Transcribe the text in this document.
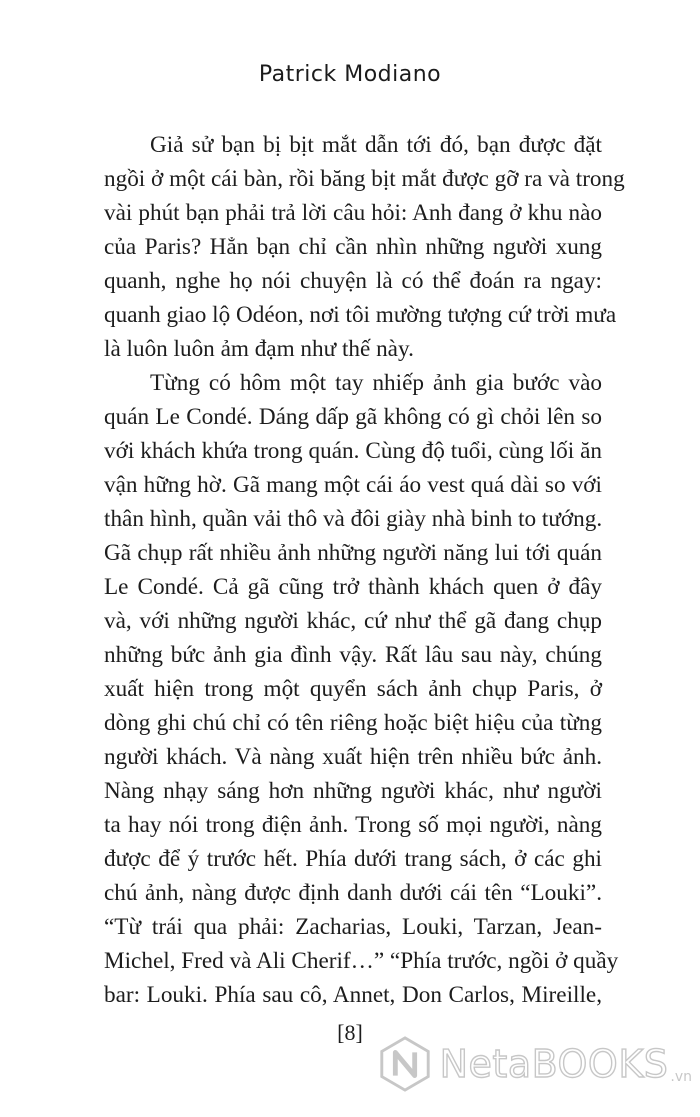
Patrick Modiano
Giả sử bạn bị bịt mắt dẫn tới đó, bạn được đặt
ngồi ở một cái bàn, rồi băng bịt mắt được gỡ ra và trong
vài phút bạn phải trả lời câu hỏi: Anh đang ở khu nào
của Paris? Hẳn bạn chỉ cần nhìn những người xung
quanh, nghe họ nói chuyện là có thể đoán ra ngay:
quanh giao lộ Odéon, nơi tôi mường tượng cứ trời mưa
là luôn luôn ảm đạm như thế này.
Từng có hôm một tay nhiếp ảnh gia bước vào
quán Le Condé. Dáng dấp gã không có gì chỏi lên so
với khách khứa trong quán. Cùng độ tuổi, cùng lối ăn
vận hững hờ. Gã mang một cái áo vest quá dài so với
thân hình, quần vải thô và đôi giày nhà binh to tướng.
Gã chụp rất nhiều ảnh những người năng lui tới quán
Le Condé. Cả gã cũng trở thành khách quen ở đây
và, với những người khác, cứ như thể gã đang chụp
những bức ảnh gia đình vậy. Rất lâu sau này, chúng
xuất hiện trong một quyển sách ảnh chụp Paris, ở
dòng ghi chú chỉ có tên riêng hoặc biệt hiệu của từng
người khách. Và nàng xuất hiện trên nhiều bức ảnh.
Nàng nhạy sáng hơn những người khác, như người
ta hay nói trong điện ảnh. Trong số mọi người, nàng
được để ý trước hết. Phía dưới trang sách, ở các ghi
chú ảnh, nàng được định danh dưới cái tên “Louki”.
“Từ trái qua phải: Zacharias, Louki, Tarzan, Jean-
Michel, Fred và Ali Cherif…” “Phía trước, ngồi ở quầy
bar: Louki. Phía sau cô, Annet, Don Carlos, Mireille,
[8]
NetaBOOKS .vn
